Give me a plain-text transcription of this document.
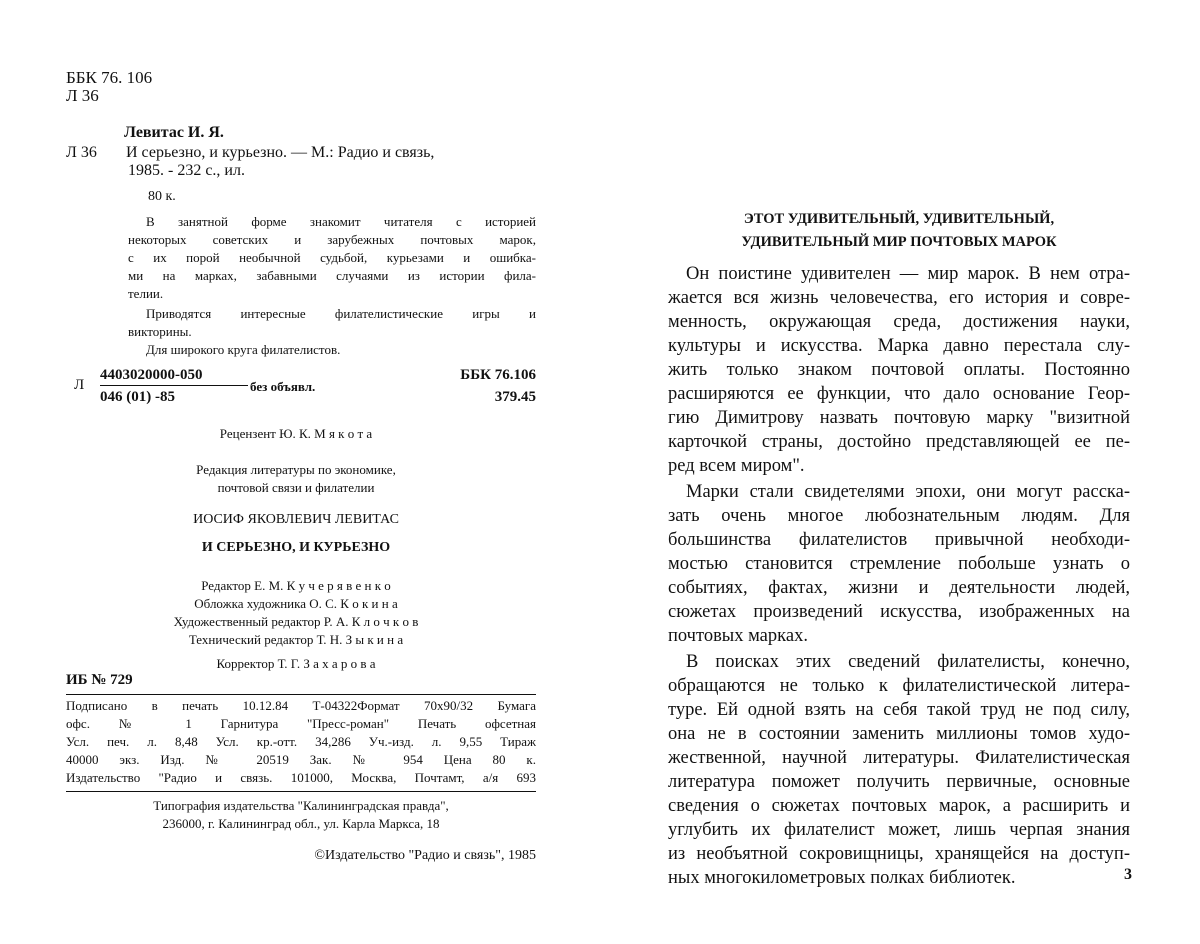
ББК 76. 106
Л 36
Левитас И. Я.
Л 36 И серьезно, и курьезно. — М.: Радио и связь,
1985. - 232 с., ил.
80 к.
В занятной форме знакомит читателя с историей
некоторых советских и зарубежных почтовых марок,
с их порой необычной судьбой, курьезами и ошибка-
ми на марках, забавными случаями из истории фила-
телии.
Приводятся интересные филателистические игры и
викторины.
Для широкого круга филателистов.
Л
4403020000-050
046 (01) -85
без объявл.
ББК 76.106
379.45
Рецензент Ю. К. М я к о т а
Редакция литературы по экономике,
почтовой связи и филателии
ИОСИФ ЯКОВЛЕВИЧ ЛЕВИТАС
И СЕРЬЕЗНО, И КУРЬЕЗНО
Редактор Е. М. К у ч е р я в е н к о
Обложка художника О. С. К о к и н а
Художественный редактор Р. А. К л о ч к о в
Технический редактор Т. Н. З ы к и н а
Корректор Т. Г. З а х а р о в а
ИБ № 729
Подписано в печать 10.12.84 Т-04322Формат 70х90/32 Бумага
офс. № 1 Гарнитура "Пресс-роман" Печать офсетная
Усл. печ. л. 8,48 Усл. кр.-отт. 34,286 Уч.-изд. л. 9,55 Тираж
40000 экз. Изд. № 20519 Зак. № 954 Цена 80 к.
Издательство "Радио и связь. 101000, Москва, Почтамт, а/я 693
Типография издательства "Калининградская правда",
236000, г. Калининград обл., ул. Карла Маркса, 18
©Издательство "Радио и связь", 1985
ЭТОТ УДИВИТЕЛЬНЫЙ, УДИВИТЕЛЬНЫЙ,
УДИВИТЕЛЬНЫЙ МИР ПОЧТОВЫХ МАРОК
Он поистине удивителен — мир марок. В нем отра-
жается вся жизнь человечества, его история и совре-
менность, окружающая среда, достижения науки,
культуры и искусства. Марка давно перестала слу-
жить только знаком почтовой оплаты. Постоянно
расширяются ее функции, что дало основание Геор-
гию Димитрову назвать почтовую марку "визитной
карточкой страны, достойно представляющей ее пе-
ред всем миром".
Марки стали свидетелями эпохи, они могут расска-
зать очень многое любознательным людям. Для
большинства филателистов привычной необходи-
мостью становится стремление побольше узнать о
событиях, фактах, жизни и деятельности людей,
сюжетах произведений искусства, изображенных на
почтовых марках.
В поисках этих сведений филателисты, конечно,
обращаются не только к филателистической литера-
туре. Ей одной взять на себя такой труд не под силу,
она не в состоянии заменить миллионы томов худо-
жественной, научной литературы. Филателистическая
литература поможет получить первичные, основные
сведения о сюжетах почтовых марок, а расширить и
углубить их филателист может, лишь черпая знания
из необъятной сокровищницы, хранящейся на доступ-
ных многокилометровых полках библиотек.	3
